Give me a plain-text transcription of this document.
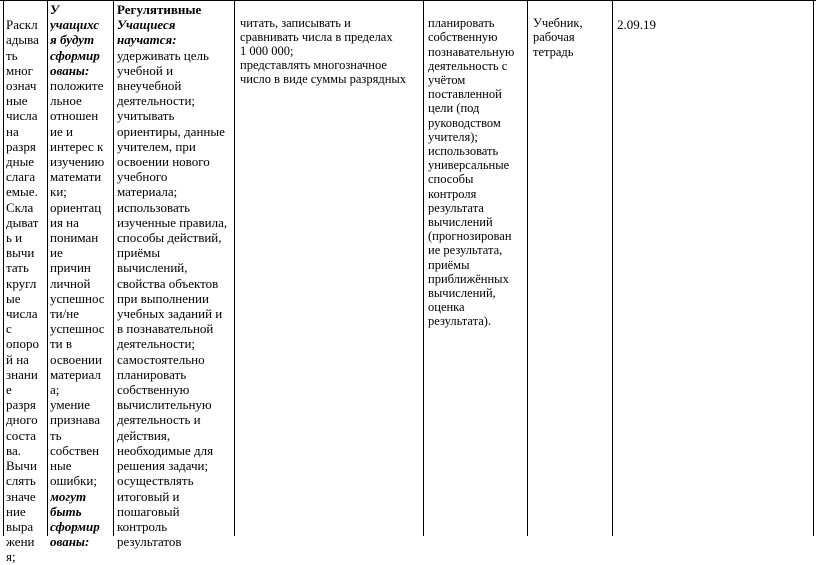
Раскл
адыва
ть
мног
означ
ные
числа
на
разря
дные
слага
емые.
Скла
дыват
ь и
вычи
тать
кругл
ые
числа
с
опоро
й на
знани
е
разря
дного
соста
ва.
Вычи
слять
значе
ние
выра
жени
я;

У
учащихс
я будут
сформир
ованы:
положите
льное
отношен
ие и
интерес к
изучению
математи
ки;
ориентац
ия на
пониман
ие
причин
личной
успешнос
ти/не
успешнос
ти в
освоении
материал
а;
умение
признава
ть
собствен
ные
ошибки;
могут
быть
сформир
ованы:
Регулятивные
Учащиеся
научатся:
удерживать цель
учебной и
внеучебной
деятельности;
учитывать
ориентиры, данные
учителем, при
освоении нового
учебного
материала;
использовать
изученные правила,
способы действий,
приёмы
вычислений,
свойства объектов
при выполнении
учебных заданий и
в познавательной
деятельности;
самостоятельно
планировать
собственную
вычислительную
деятельность и
действия,
необходимые для
решения задачи;
осуществлять
итоговый и
пошаговый
контроль
результатов

читать, записывать и
сравнивать числа в пределах
1 000 000;
представлять многозначное
число в виде суммы разрядных

планировать
собственную
познавательную
деятельность с
учётом
поставленной
цели (под
руководством
учителя);
использовать
универсальные
способы
контроля
результата
вычислений
(прогнозирован
ие результата,
приёмы
приближённых
вычислений,
оценка
результата).

Учебник,
рабочая
тетрадь

2.09.19
